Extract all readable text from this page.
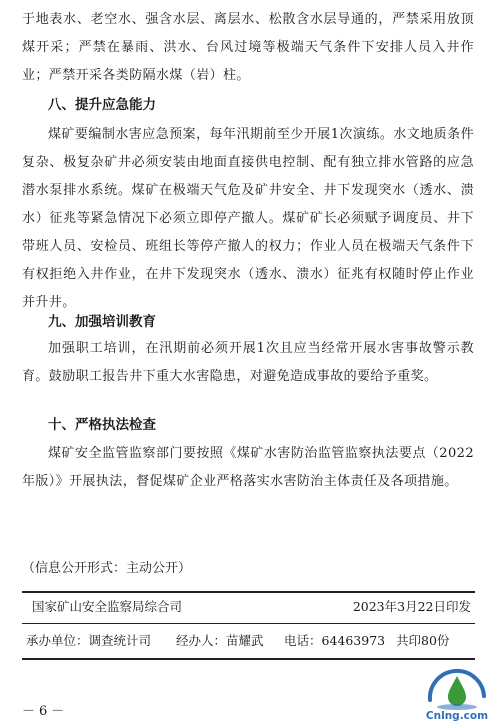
于地表水、老空水、强含水层、离层水、松散含水层导通的，严禁采用放顶煤开采；严禁在暴雨、洪水、台风过境等极端天气条件下安排人员入井作业；严禁开采各类防隔水煤（岩）柱。

八、提升应急能力

煤矿要编制水害应急预案，每年汛期前至少开展1次演练。水文地质条件复杂、极复杂矿井必须安装由地面直接供电控制、配有独立排水管路的应急潜水泵排水系统。煤矿在极端天气危及矿井安全、井下发现突水（透水、溃水）征兆等紧急情况下必须立即停产撤人。煤矿矿长必须赋予调度员、井下带班人员、安检员、班组长等停产撤人的权力；作业人员在极端天气条件下有权拒绝入井作业，在井下发现突水（透水、溃水）征兆有权随时停止作业并升井。

九、加强培训教育

加强职工培训，在汛期前必须开展1次且应当经常开展水害事故警示教育。鼓励职工报告井下重大水害隐患，对避免造成事故的要给予重奖。

十、严格执法检查

煤矿安全监管监察部门要按照《煤矿水害防治监管监察执法要点（2022年版）》开展执法，督促煤矿企业严格落实水害防治主体责任及各项措施。

（信息公开形式：主动公开）
国家矿山安全监察局综合司	2023年3月22日印发
承办单位：调查统计司 经办人：苗耀武 电话：64463973 共印80份
－6－	Cnlng.com
